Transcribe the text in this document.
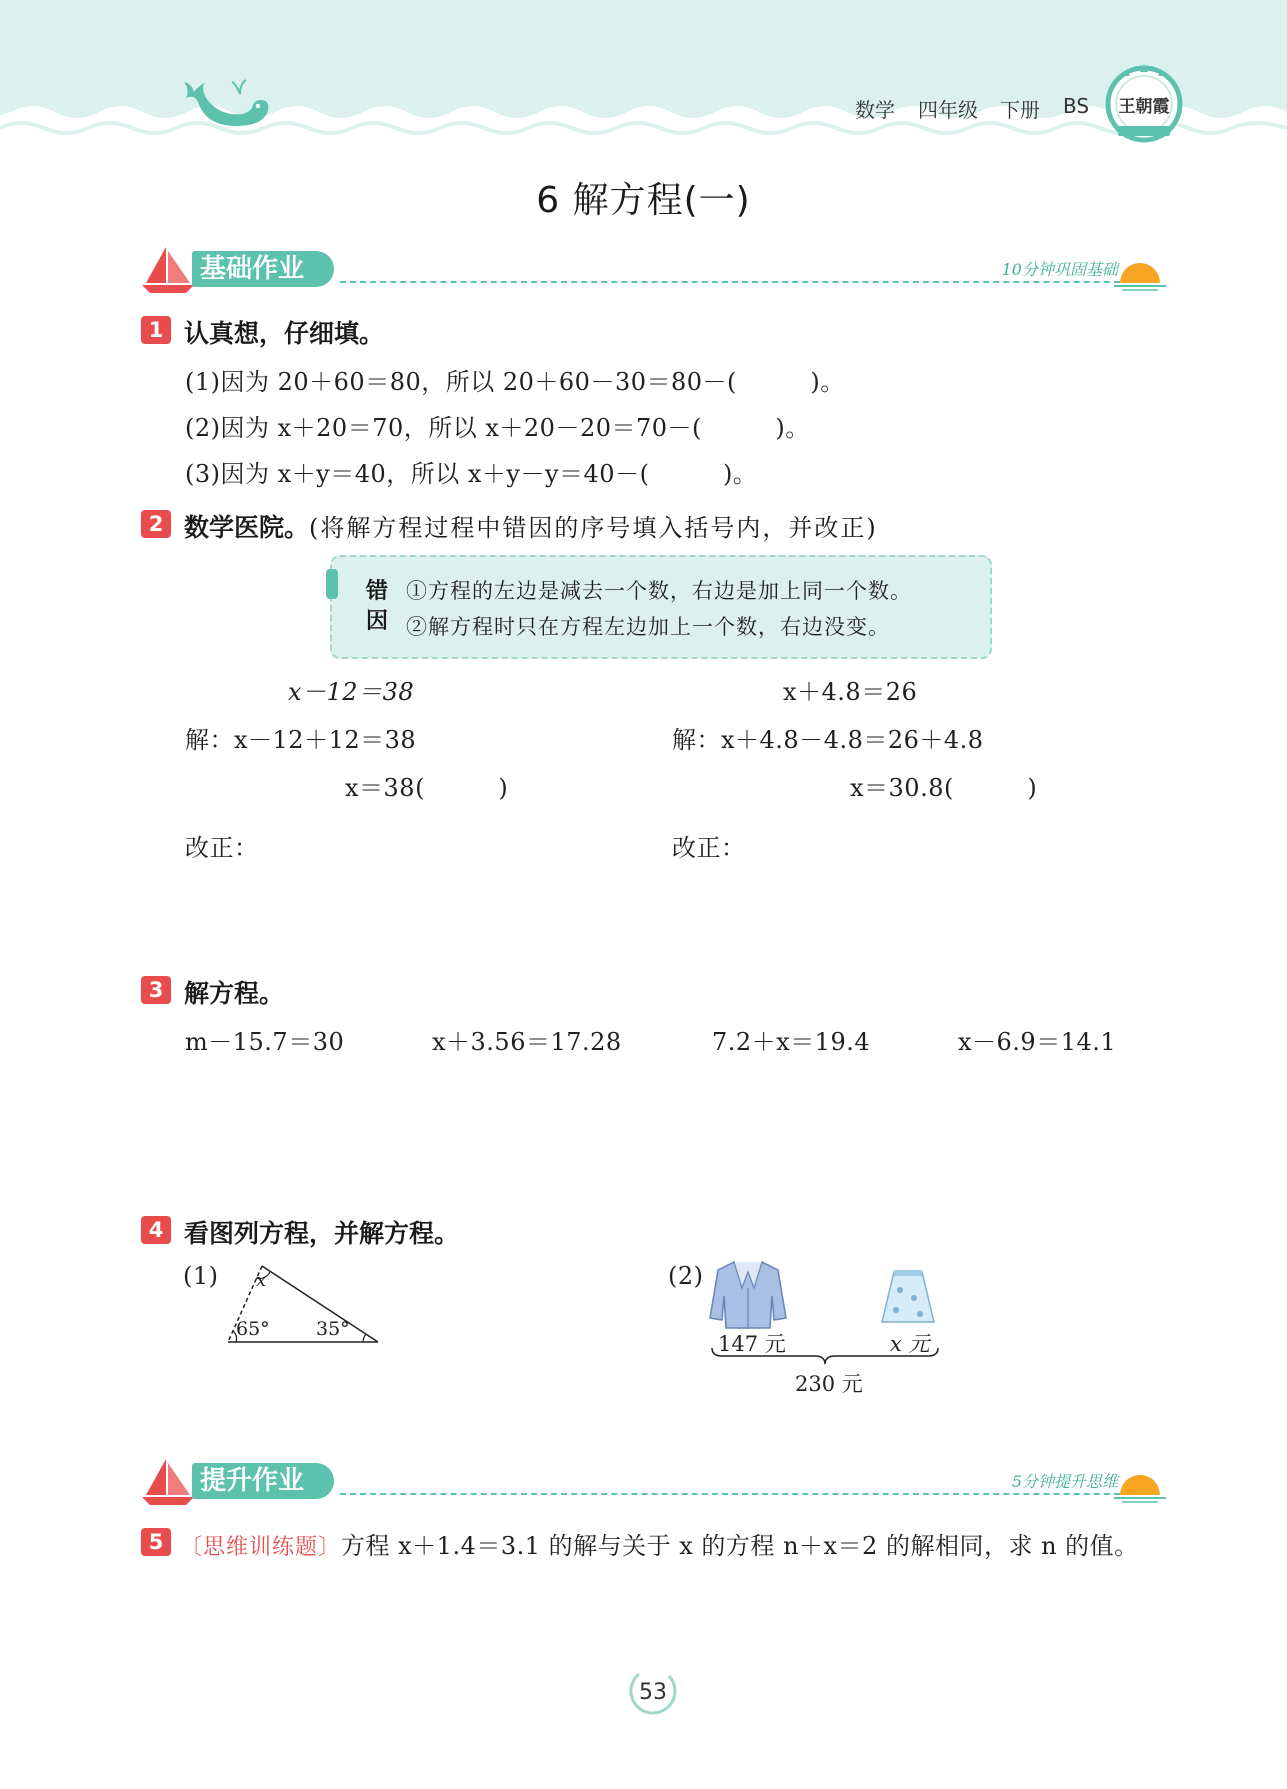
数学 四年级 下册 BS	王朝霞
6 解方程(一)
基础作业	10分钟巩固基础
1 认真想，仔细填。
(1)因为 20＋60＝80，所以 20＋60－30＝80－(　　　)。
(2)因为 x＋20＝70，所以 x＋20－20＝70－(　　　)。
(3)因为 x＋y＝40，所以 x＋y－y＝40－(　　　)。
2 数学医院。(将解方程过程中错因的序号填入括号内，并改正)
错因
①方程的左边是减去一个数，右边是加上同一个数。
②解方程时只在方程左边加上一个数，右边没变。
x－12＝38
解：x－12＋12＝38
x＝38(　　　)
改正：
x＋4.8＝26
解：x＋4.8－4.8＝26＋4.8
x＝30.8(　　　)
改正：
3 解方程。
m－15.7＝30	x＋3.56＝17.28	7.2＋x＝19.4	x－6.9＝14.1
4 看图列方程，并解方程。
(1) x
65° 35°
(2)
147 元	x 元
230 元
提升作业	5分钟提升思维
5 〔思维训练题〕方程 x＋1.4＝3.1 的解与关于 x 的方程 n＋x＝2 的解相同，求 n 的值。
53
